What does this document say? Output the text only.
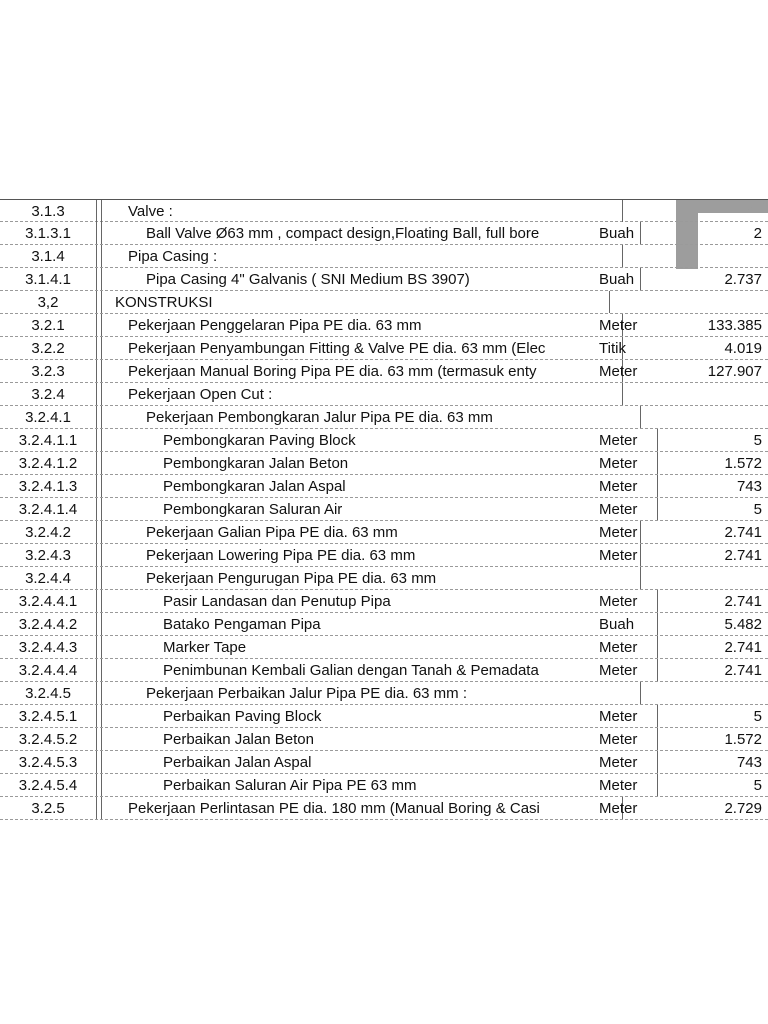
3.1.3	Valve :
3.1.3.1	Ball Valve Ø63 mm , compact design,Floating Ball, full bore	Buah	2
3.1.4	Pipa Casing :
3.1.4.1	Pipa Casing 4" Galvanis ( SNI Medium BS 3907)	Buah	2.737
3,2	KONSTRUKSI
3.2.1	Pekerjaan Penggelaran Pipa PE dia. 63 mm	Meter	133.385
3.2.2	Pekerjaan Penyambungan Fitting & Valve PE dia. 63 mm (Elec	Titik	4.019
3.2.3	Pekerjaan Manual Boring Pipa PE dia. 63 mm (termasuk enty	Meter	127.907
3.2.4	Pekerjaan Open Cut :
3.2.4.1	Pekerjaan Pembongkaran Jalur Pipa PE dia. 63 mm
3.2.4.1.1	Pembongkaran Paving Block	Meter	5
3.2.4.1.2	Pembongkaran Jalan Beton	Meter	1.572
3.2.4.1.3	Pembongkaran Jalan Aspal	Meter	743
3.2.4.1.4	Pembongkaran Saluran Air	Meter	5
3.2.4.2	Pekerjaan Galian Pipa PE dia. 63 mm	Meter	2.741
3.2.4.3	Pekerjaan Lowering Pipa PE dia. 63 mm	Meter	2.741
3.2.4.4	Pekerjaan Pengurugan Pipa PE dia. 63 mm
3.2.4.4.1	Pasir Landasan dan Penutup Pipa	Meter	2.741
3.2.4.4.2	Batako Pengaman Pipa	Buah	5.482
3.2.4.4.3	Marker Tape	Meter	2.741
3.2.4.4.4	Penimbunan Kembali Galian dengan Tanah & Pemadata	Meter	2.741
3.2.4.5	Pekerjaan Perbaikan Jalur Pipa PE dia. 63 mm :
3.2.4.5.1	Perbaikan Paving Block	Meter	5
3.2.4.5.2	Perbaikan Jalan Beton	Meter	1.572
3.2.4.5.3	Perbaikan Jalan Aspal	Meter	743
3.2.4.5.4	Perbaikan Saluran Air Pipa PE 63 mm	Meter	5
3.2.5	Pekerjaan Perlintasan PE dia. 180 mm (Manual Boring & Casi	Meter	2.729
